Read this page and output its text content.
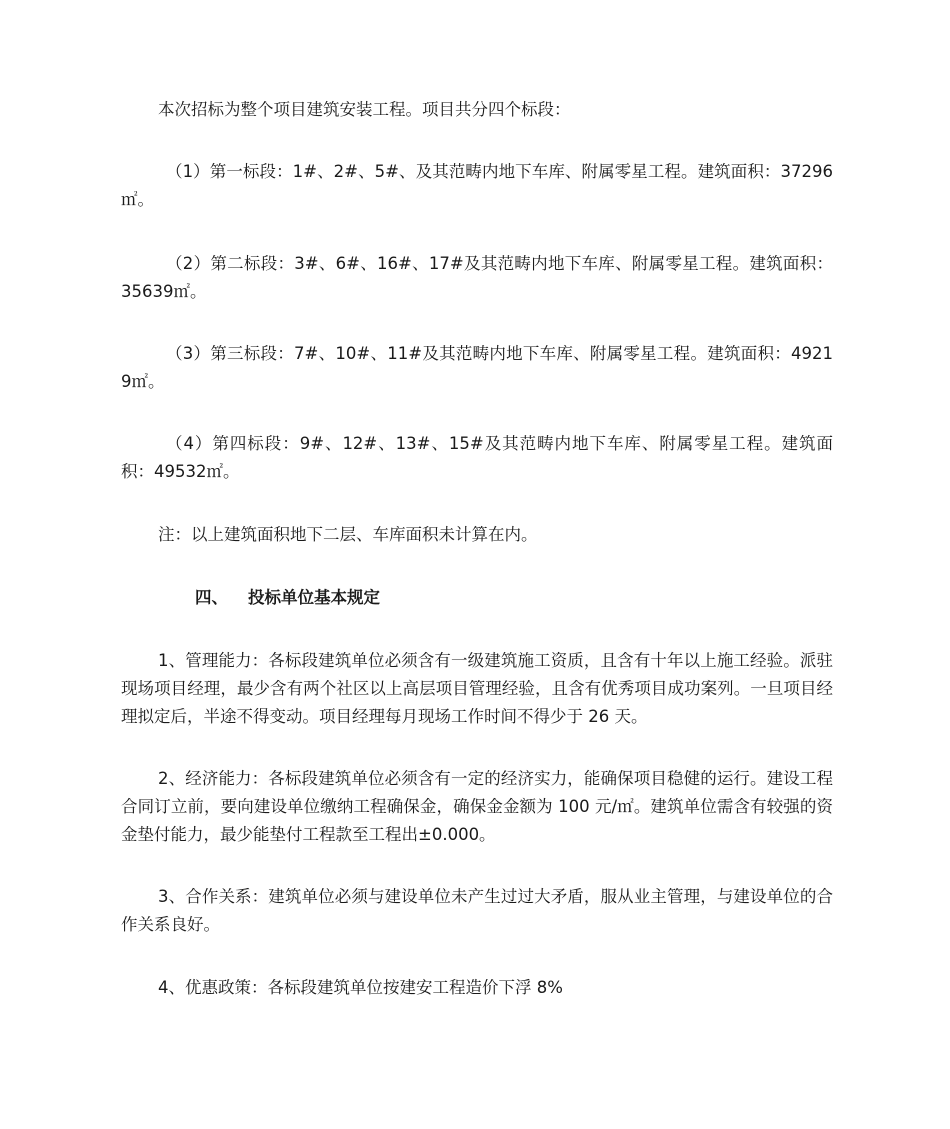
本次招标为整个项目建筑安装工程。项目共分四个标段：

（1）第一标段：1#、2#、5#、及其范畴内地下车库、附属零星工程。建筑面积：37296㎡。

（2）第二标段：3#、6#、16#、17#及其范畴内地下车库、附属零星工程。建筑面积： 35639㎡。

（3）第三标段：7#、10#、11#及其范畴内地下车库、附属零星工程。建筑面积：49219㎡。

（4）第四标段：9#、12#、13#、15#及其范畴内地下车库、附属零星工程。建筑面积：49532㎡。

注：以上建筑面积地下二层、车库面积未计算在内。

四、 投标单位基本规定

1、管理能力：各标段建筑单位必须含有一级建筑施工资质，且含有十年以上施工经验。派驻现场项目经理，最少含有两个社区以上高层项目管理经验，且含有优秀项目成功案列。一旦项目经理拟定后，半途不得变动。项目经理每月现场工作时间不得少于 26 天。

2、经济能力：各标段建筑单位必须含有一定的经济实力，能确保项目稳健的运行。建设工程合同订立前，要向建设单位缴纳工程确保金，确保金金额为 100 元/㎡。建筑单位需含有较强的资金垫付能力，最少能垫付工程款至工程出±0.000。

3、合作关系：建筑单位必须与建设单位未产生过过大矛盾，服从业主管理，与建设单位的合作关系良好。

4、优惠政策：各标段建筑单位按建安工程造价下浮 8%
